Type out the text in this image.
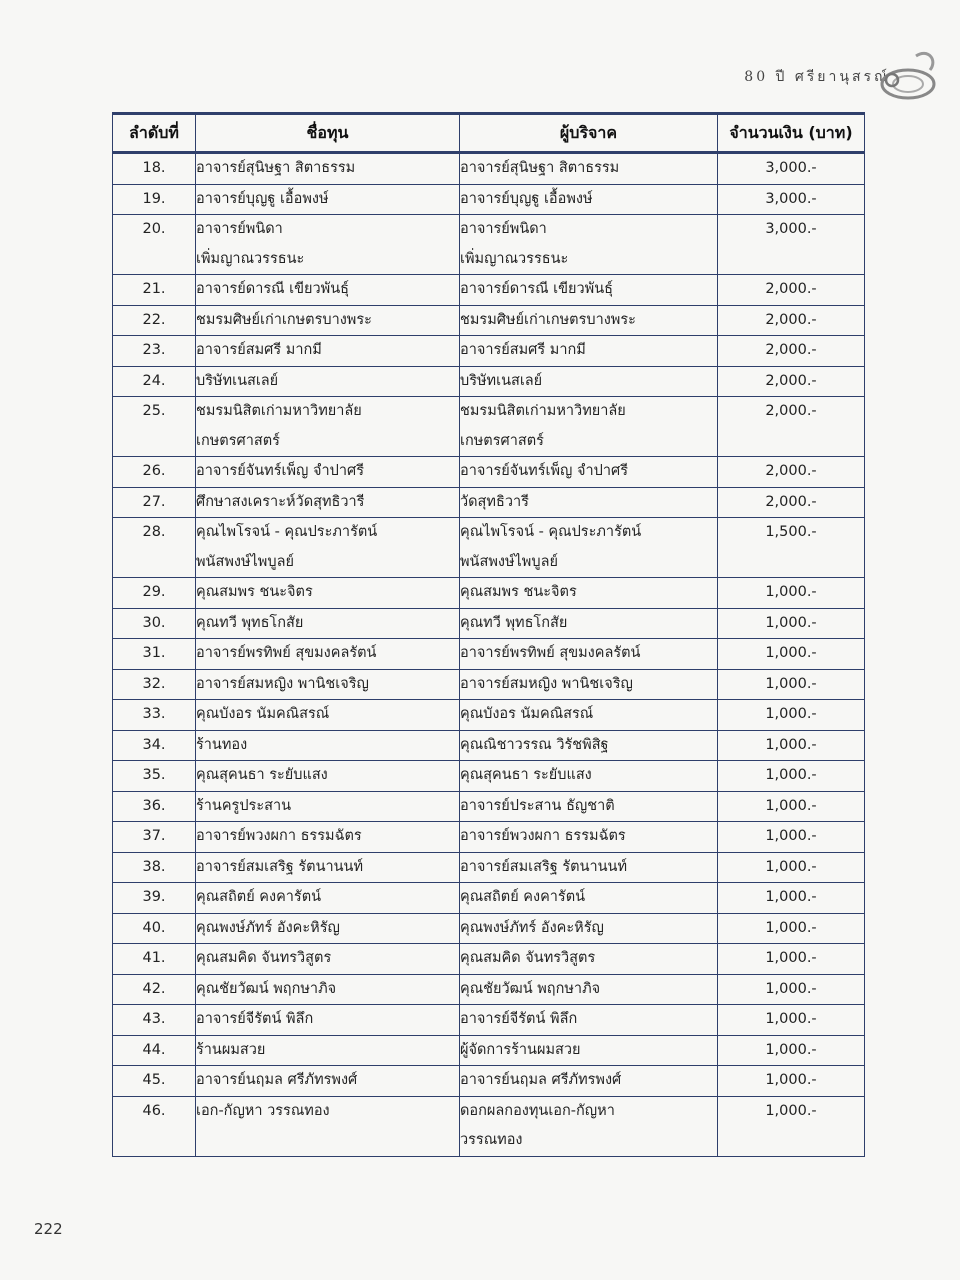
80 ปี ศรียานุสรณ์
ลำดับที่	ชื่อทุน	ผู้บริจาค	จำนวนเงิน (บาท)

18.	อาจารย์สุนิษฐา สิตาธรรม	อาจารย์สุนิษฐา สิตาธรรม	3,000.-

19.	อาจารย์บุญฐู เอื้อพงษ์	อาจารย์บุญฐู เอื้อพงษ์	3,000.-

20.	อาจารย์พนิดา
เพิ่มญาณวรรธนะ	อาจารย์พนิดา
เพิ่มญาณวรรธนะ	3,000.-

21.	อาจารย์ดารณี เขียวพันธุ์	อาจารย์ดารณี เขียวพันธุ์	2,000.-

22.	ชมรมศิษย์เก่าเกษตรบางพระ	ชมรมศิษย์เก่าเกษตรบางพระ	2,000.-

23.	อาจารย์สมศรี มากมี	อาจารย์สมศรี มากมี	2,000.-

24.	บริษัทเนสเลย์	บริษัทเนสเลย์	2,000.-

25.	ชมรมนิสิตเก่ามหาวิทยาลัย
เกษตรศาสตร์	ชมรมนิสิตเก่ามหาวิทยาลัย
เกษตรศาสตร์	2,000.-

26.	อาจารย์จันทร์เพ็ญ จำปาศรี	อาจารย์จันทร์เพ็ญ จำปาศรี	2,000.-

27.	ศึกษาสงเคราะห์วัดสุทธิวารี	วัดสุทธิวารี	2,000.-

28.	คุณไพโรจน์ - คุณประภารัตน์
พนัสพงษ์ไพบูลย์	คุณไพโรจน์ - คุณประภารัตน์
พนัสพงษ์ไพบูลย์	1,500.-

29.	คุณสมพร ชนะจิตร	คุณสมพร ชนะจิตร	1,000.-

30.	คุณทวี พุทธโกสัย	คุณทวี พุทธโกสัย	1,000.-

31.	อาจารย์พรทิพย์ สุขมงคลรัตน์	อาจารย์พรทิพย์ สุขมงคลรัตน์	1,000.-

32.	อาจารย์สมหญิง พานิชเจริญ	อาจารย์สมหญิง พานิชเจริญ	1,000.-

33.	คุณบังอร นัมคณิสรณ์	คุณบังอร นัมคณิสรณ์	1,000.-

34.	ร้านทอง	คุณณิชาวรรณ วิรัชพิสิฐ	1,000.-

35.	คุณสุคนธา ระยับแสง	คุณสุคนธา ระยับแสง	1,000.-

36.	ร้านครูประสาน	อาจารย์ประสาน ธัญชาติ	1,000.-

37.	อาจารย์พวงผกา ธรรมฉัตร	อาจารย์พวงผกา ธรรมฉัตร	1,000.-

38.	อาจารย์สมเสริฐ รัตนานนท์	อาจารย์สมเสริฐ รัตนานนท์	1,000.-

39.	คุณสถิตย์ คงคารัตน์	คุณสถิตย์ คงคารัตน์	1,000.-

40.	คุณพงษ์ภัทร์ อังคะหิรัญ	คุณพงษ์ภัทร์ อังคะหิรัญ	1,000.-

41.	คุณสมคิด จันทรวิสูตร	คุณสมคิด จันทรวิสูตร	1,000.-

42.	คุณชัยวัฒน์ พฤกษาภิจ	คุณชัยวัฒน์ พฤกษาภิจ	1,000.-

43.	อาจารย์จีรัตน์ พิลึก	อาจารย์จีรัตน์ พิลึก	1,000.-

44.	ร้านผมสวย	ผู้จัดการร้านผมสวย	1,000.-

45.	อาจารย์นฤมล ศรีภัทรพงศ์	อาจารย์นฤมล ศรีภัทรพงศ์	1,000.-

46.	เอก-กัญหา วรรณทอง	ดอกผลกองทุนเอก-กัญหา
วรรณทอง	1,000.-
222
